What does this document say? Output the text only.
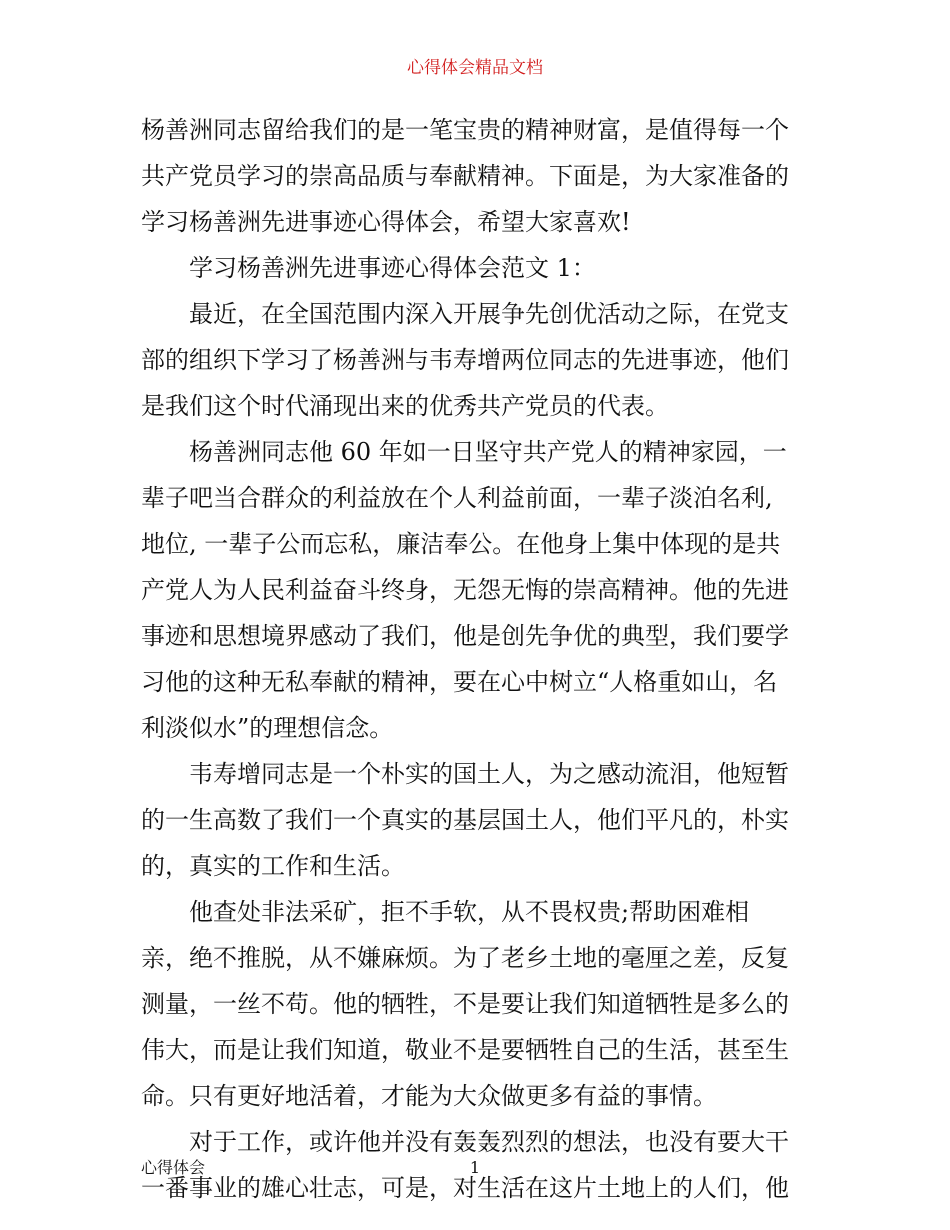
心得体会精品文档
杨善洲同志留给我们的是一笔宝贵的精神财富，是值得每一个
共产党员学习的崇高品质与奉献精神。下面是，为大家准备的
学习杨善洲先进事迹心得体会，希望大家喜欢!
学习杨善洲先进事迹心得体会范文 1：
最近，在全国范围内深入开展争先创优活动之际，在党支
部的组织下学习了杨善洲与韦寿增两位同志的先进事迹，他们
是我们这个时代涌现出来的优秀共产党员的代表。
杨善洲同志他 60 年如一日坚守共产党人的精神家园，一
辈子吧当合群众的利益放在个人利益前面，一辈子淡泊名利,
地位, 一辈子公而忘私，廉洁奉公。在他身上集中体现的是共
产党人为人民利益奋斗终身，无怨无悔的崇高精神。他的先进
事迹和思想境界感动了我们，他是创先争优的典型，我们要学
习他的这种无私奉献的精神，要在心中树立“人格重如山，名
利淡似水”的理想信念。
韦寿增同志是一个朴实的国土人，为之感动流泪，他短暂
的一生高数了我们一个真实的基层国土人，他们平凡的，朴实
的，真实的工作和生活。
他查处非法采矿，拒不手软，从不畏权贵;帮助困难相
亲，绝不推脱，从不嫌麻烦。为了老乡土地的毫厘之差，反复
测量，一丝不苟。他的牺牲，不是要让我们知道牺牲是多么的
伟大，而是让我们知道，敬业不是要牺牲自己的生活，甚至生
命。只有更好地活着，才能为大众做更多有益的事情。
对于工作，或许他并没有轰轰烈烈的想法，也没有要大干
一番事业的雄心壮志，可是，对生活在这片土地上的人们，他
心得体会	1
